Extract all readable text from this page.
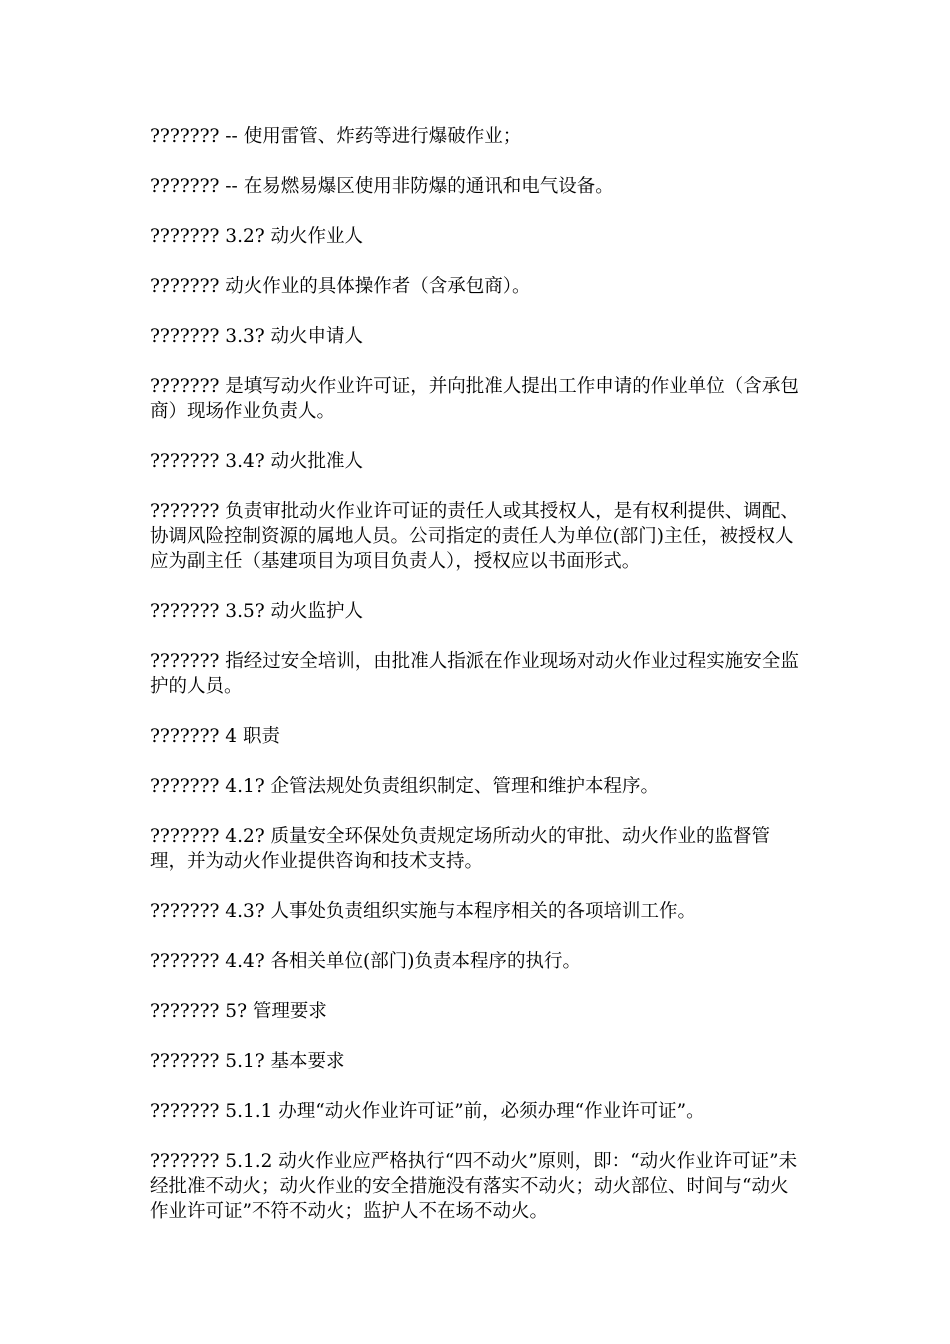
??????? -- 使用雷管、炸药等进行爆破作业；

??????? -- 在易燃易爆区使用非防爆的通讯和电气设备。

??????? 3.2? 动火作业人

??????? 动火作业的具体操作者（含承包商）。

??????? 3.3? 动火申请人

??????? 是填写动火作业许可证，并向批准人提出工作申请的作业单位（含承包商）现场作业负责人。

??????? 3.4? 动火批准人

??????? 负责审批动火作业许可证的责任人或其授权人，是有权利提供、调配、协调风险控制资源的属地人员。公司指定的责任人为单位(部门)主任，被授权人应为副主任（基建项目为项目负责人），授权应以书面形式。

??????? 3.5? 动火监护人

??????? 指经过安全培训，由批准人指派在作业现场对动火作业过程实施安全监护的人员。

??????? 4 职责

??????? 4.1? 企管法规处负责组织制定、管理和维护本程序。

??????? 4.2? 质量安全环保处负责规定场所动火的审批、动火作业的监督管理，并为动火作业提供咨询和技术支持。

??????? 4.3? 人事处负责组织实施与本程序相关的各项培训工作。

??????? 4.4? 各相关单位(部门)负责本程序的执行。

??????? 5? 管理要求

??????? 5.1? 基本要求

??????? 5.1.1 办理“动火作业许可证”前，必须办理“作业许可证”。

??????? 5.1.2 动火作业应严格执行“四不动火”原则，即：“动火作业许可证”未经批准不动火；动火作业的安全措施没有落实不动火；动火部位、时间与“动火作业许可证”不符不动火；监护人不在场不动火。
